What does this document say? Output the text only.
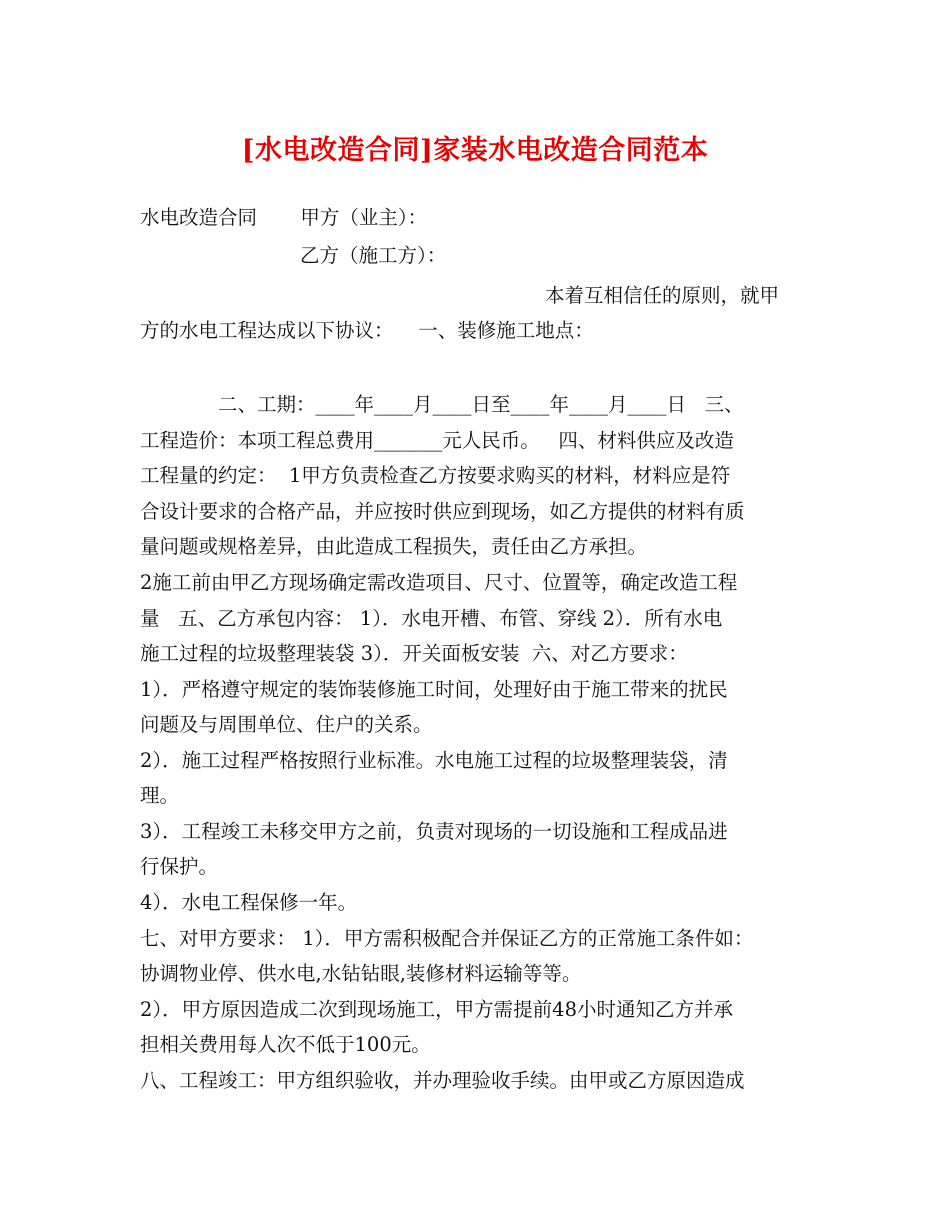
[水电改造合同]家装水电改造合同范本
水电改造合同       甲方（业主）：
乙方（施工方）：
本着互相信任的原则，就甲
方的水电工程达成以下协议：    一、装修施工地点：
二、工期：____年____月____日至____年____月____日   三、
工程造价：本项工程总费用_______元人民币。   四、材料供应及改造
工程量的约定：  1甲方负责检查乙方按要求购买的材料，材料应是符
合设计要求的合格产品，并应按时供应到现场，如乙方提供的材料有质
量问题或规格差异，由此造成工程损失，责任由乙方承担。
2施工前由甲乙方现场确定需改造项目、尺寸、位置等，确定改造工程
量   五、乙方承包内容： 1）．水电开槽、布管、穿线 2）．所有水电
施工过程的垃圾整理装袋 3）．开关面板安装  六、对乙方要求：
1）．严格遵守规定的装饰装修施工时间，处理好由于施工带来的扰民
问题及与周围单位、住户的关系。
2）．施工过程严格按照行业标准。水电施工过程的垃圾整理装袋，清
理。
3）．工程竣工未移交甲方之前，负责对现场的一切设施和工程成品进
行保护。
4）．水电工程保修一年。
七、对甲方要求： 1）．甲方需积极配合并保证乙方的正常施工条件如：
协调物业停、供水电,水钻钻眼,装修材料运输等等。
2）．甲方原因造成二次到现场施工，甲方需提前48小时通知乙方并承
担相关费用每人次不低于100元。
八、工程竣工：甲方组织验收，并办理验收手续。由甲或乙方原因造成
